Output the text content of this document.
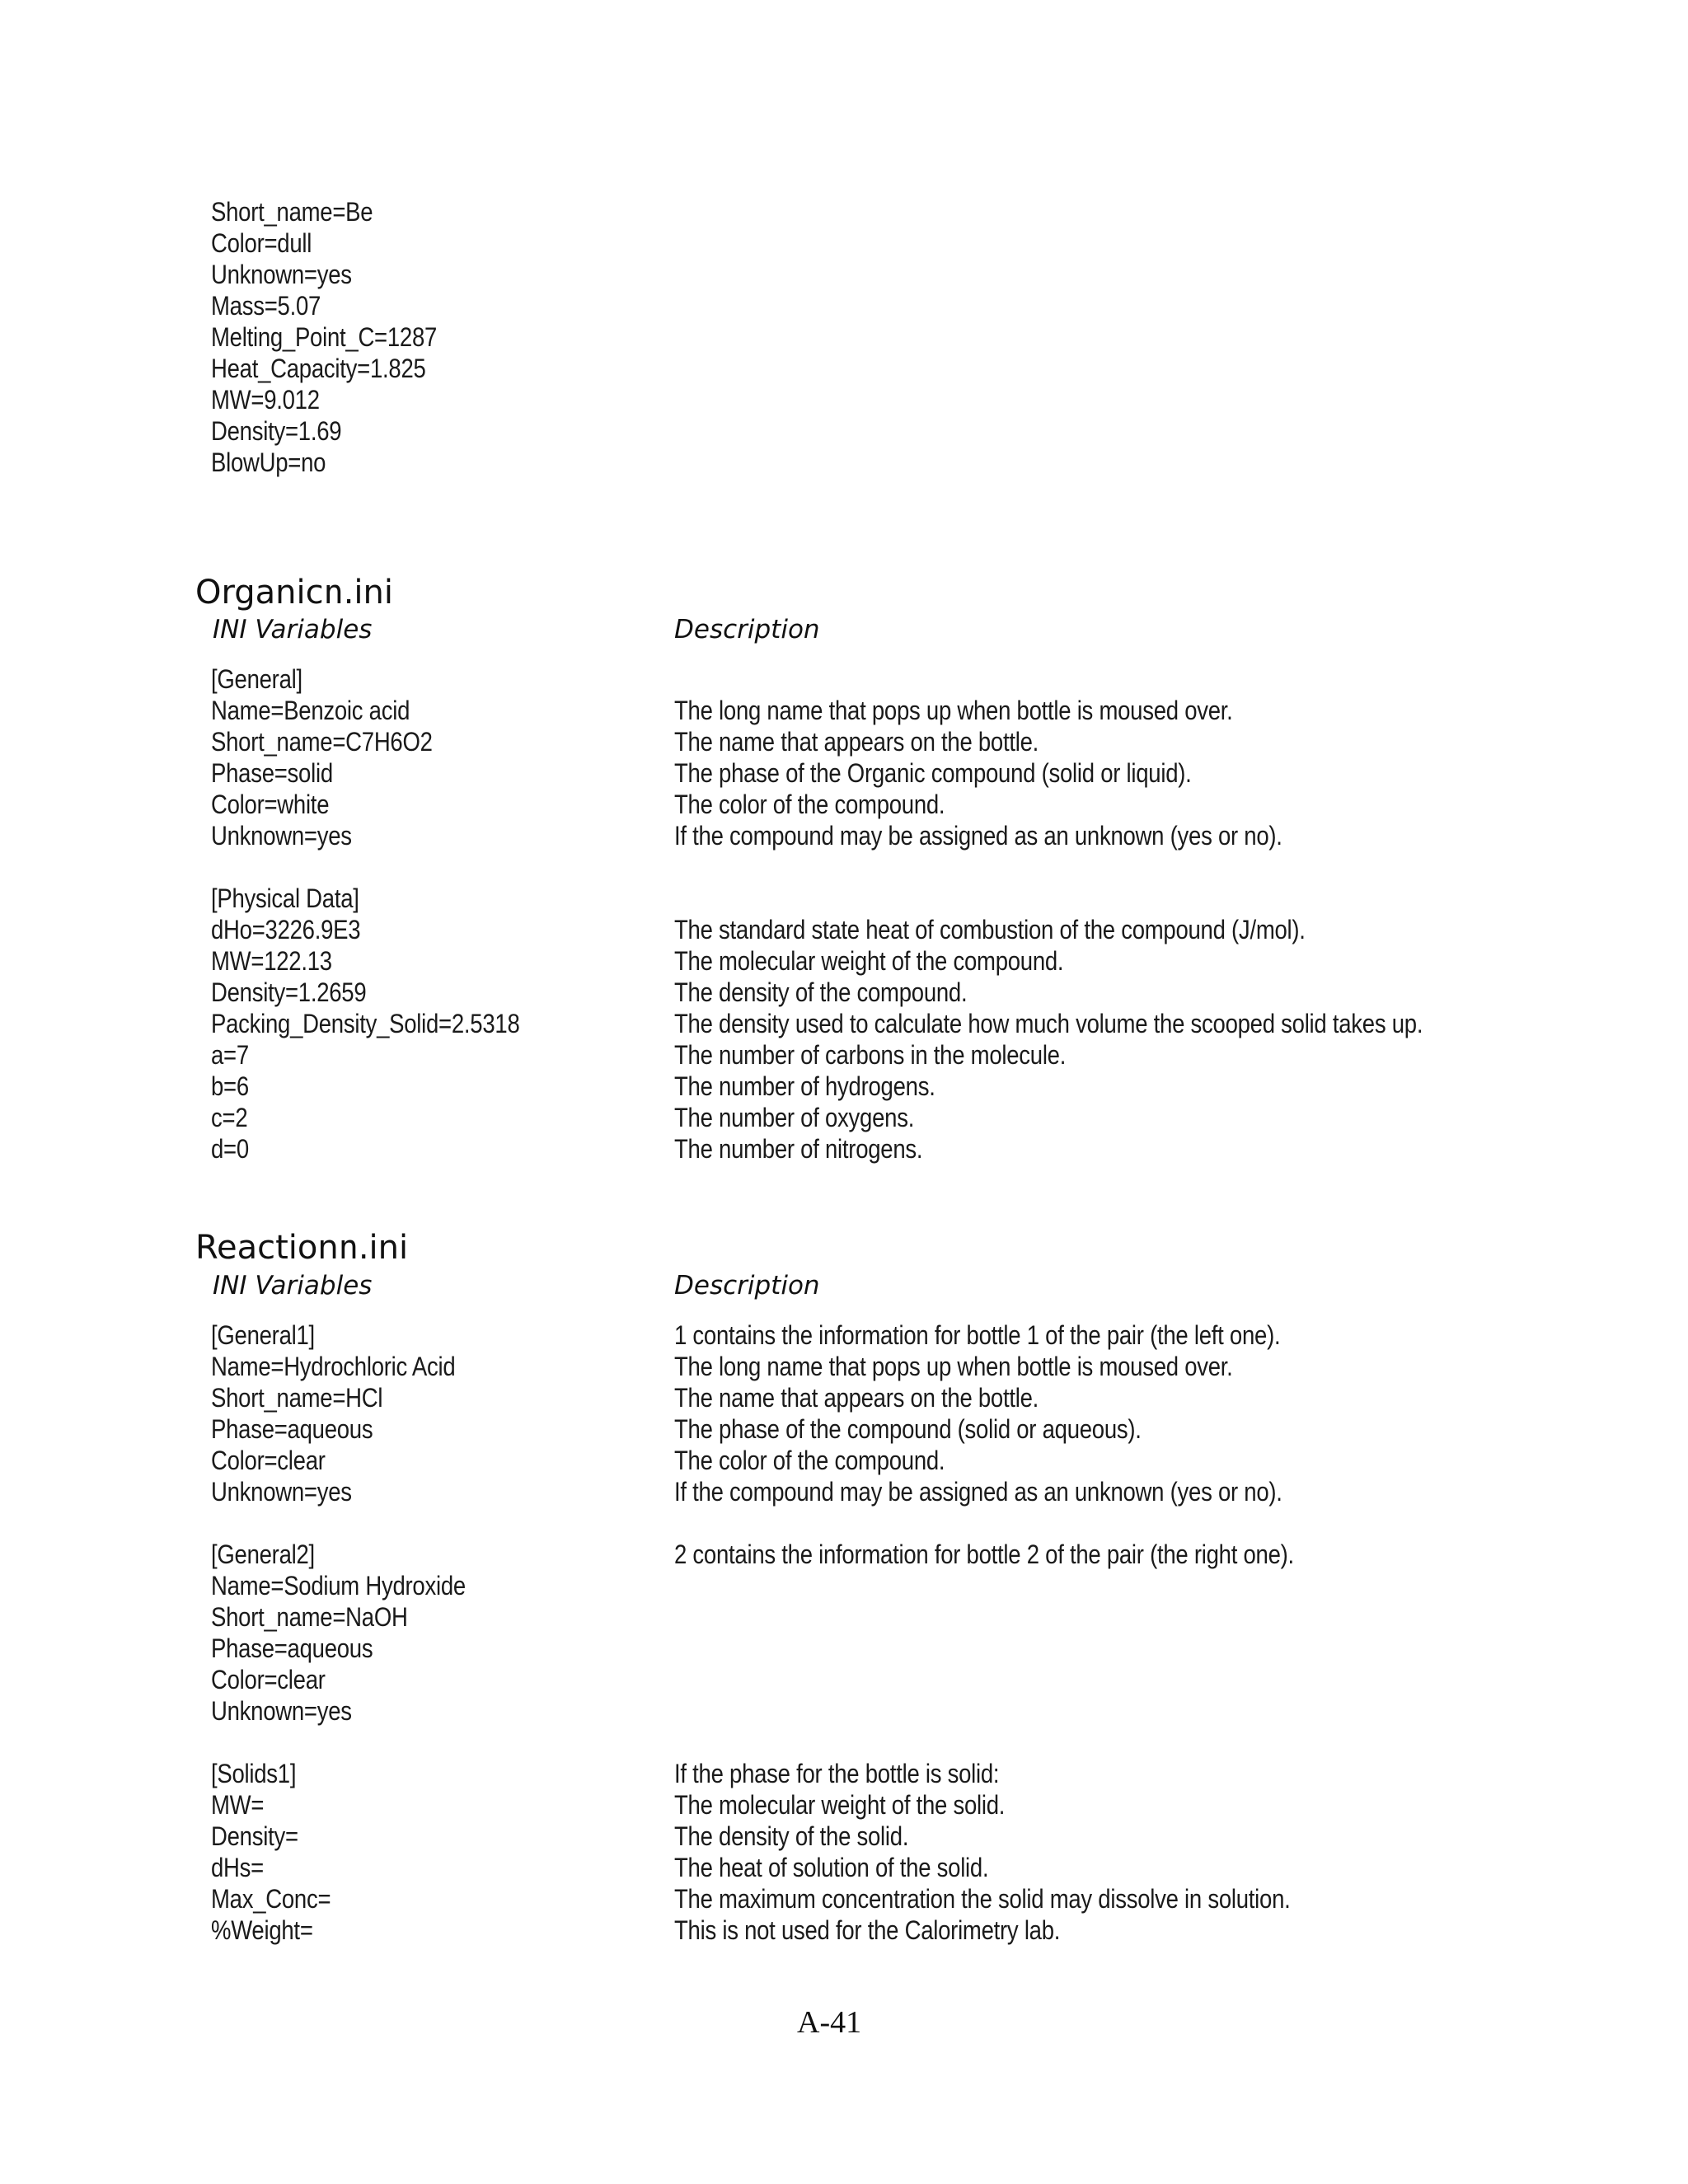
Short_name=Be
Color=dull
Unknown=yes
Mass=5.07
Melting_Point_C=1287
Heat_Capacity=1.825
MW=9.012
Density=1.69
BlowUp=no
Organicn.ini
INI Variables	Description
[General]
Name=Benzoic acid	The long name that pops up when bottle is moused over.
Short_name=C7H6O2	The name that appears on the bottle.
Phase=solid	The phase of the Organic compound (solid or liquid).
Color=white	The color of the compound.
Unknown=yes	If the compound may be assigned as an unknown (yes or no).
[Physical Data]
dHo=3226.9E3	The standard state heat of combustion of the compound (J/mol).
MW=122.13	The molecular weight of the compound.
Density=1.2659	The density of the compound.
Packing_Density_Solid=2.5318	The density used to calculate how much volume the scooped solid takes up.
a=7	The number of carbons in the molecule.
b=6	The number of hydrogens.
c=2	The number of oxygens.
d=0	The number of nitrogens.
Reactionn.ini
INI Variables	Description
[General1]	1 contains the information for bottle 1 of the pair (the left one).
Name=Hydrochloric Acid	The long name that pops up when bottle is moused over.
Short_name=HCl	The name that appears on the bottle.
Phase=aqueous	The phase of the compound (solid or aqueous).
Color=clear	The color of the compound.
Unknown=yes	If the compound may be assigned as an unknown (yes or no).
[General2]	2 contains the information for bottle 2 of the pair (the right one).
Name=Sodium Hydroxide
Short_name=NaOH
Phase=aqueous
Color=clear
Unknown=yes
[Solids1]	If the phase for the bottle is solid:
MW=	The molecular weight of the solid.
Density=	The density of the solid.
dHs=	The heat of solution of the solid.
Max_Conc=	The maximum concentration the solid may dissolve in solution.
%Weight=	This is not used for the Calorimetry lab.
A-41
